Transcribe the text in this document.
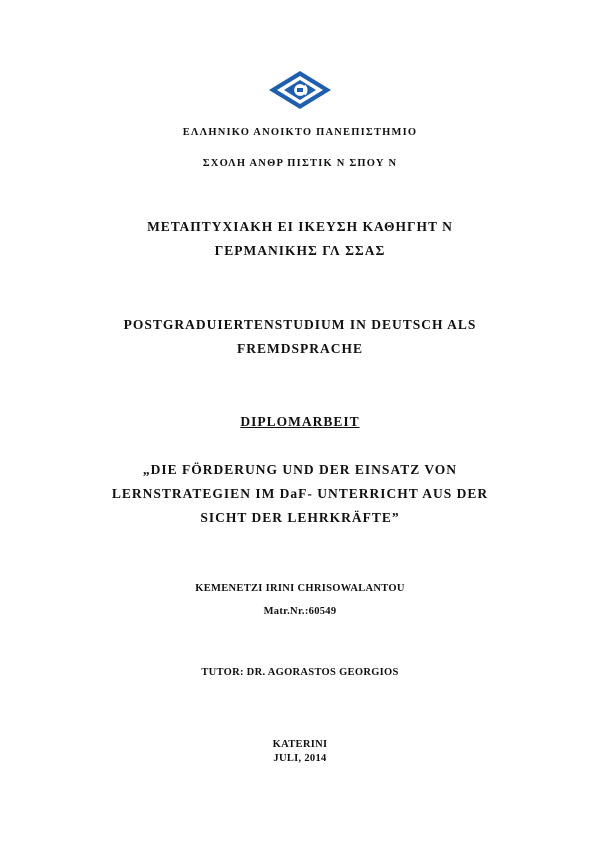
ΕΛΛΗΝΙΚΟ ΑΝΟΙΚΤΟ ΠΑΝΕΠΙΣΤΗΜΙΟ
ΣΧΟΛΗ ΑΝΘΡ ΠΙΣΤΙΚ Ν ΣΠΟΥ Ν
ΜΕΤΑΠΤΥΧΙΑΚΗ ΕΙ ΙΚΕΥΣΗ ΚΑΘΗΓΗΤ Ν
ΓΕΡΜΑΝΙΚΗΣ ΓΛ ΣΣΑΣ
POSTGRADUIERTENSTUDIUM IN DEUTSCH ALS
FREMDSPRACHE
DIPLOMARBEIT
„DIE FÖRDERUNG UND DER EINSATZ VON
LERNSTRATEGIEN IM DaF- UNTERRICHT AUS DER
SICHT DER LEHRKRÄFTE”
KEMENETZI IRINI CHRISOWALANTOU
Matr.Nr.:60549
TUTOR: DR. AGORASTOS GEORGIOS
KATERINI
JULI, 2014
